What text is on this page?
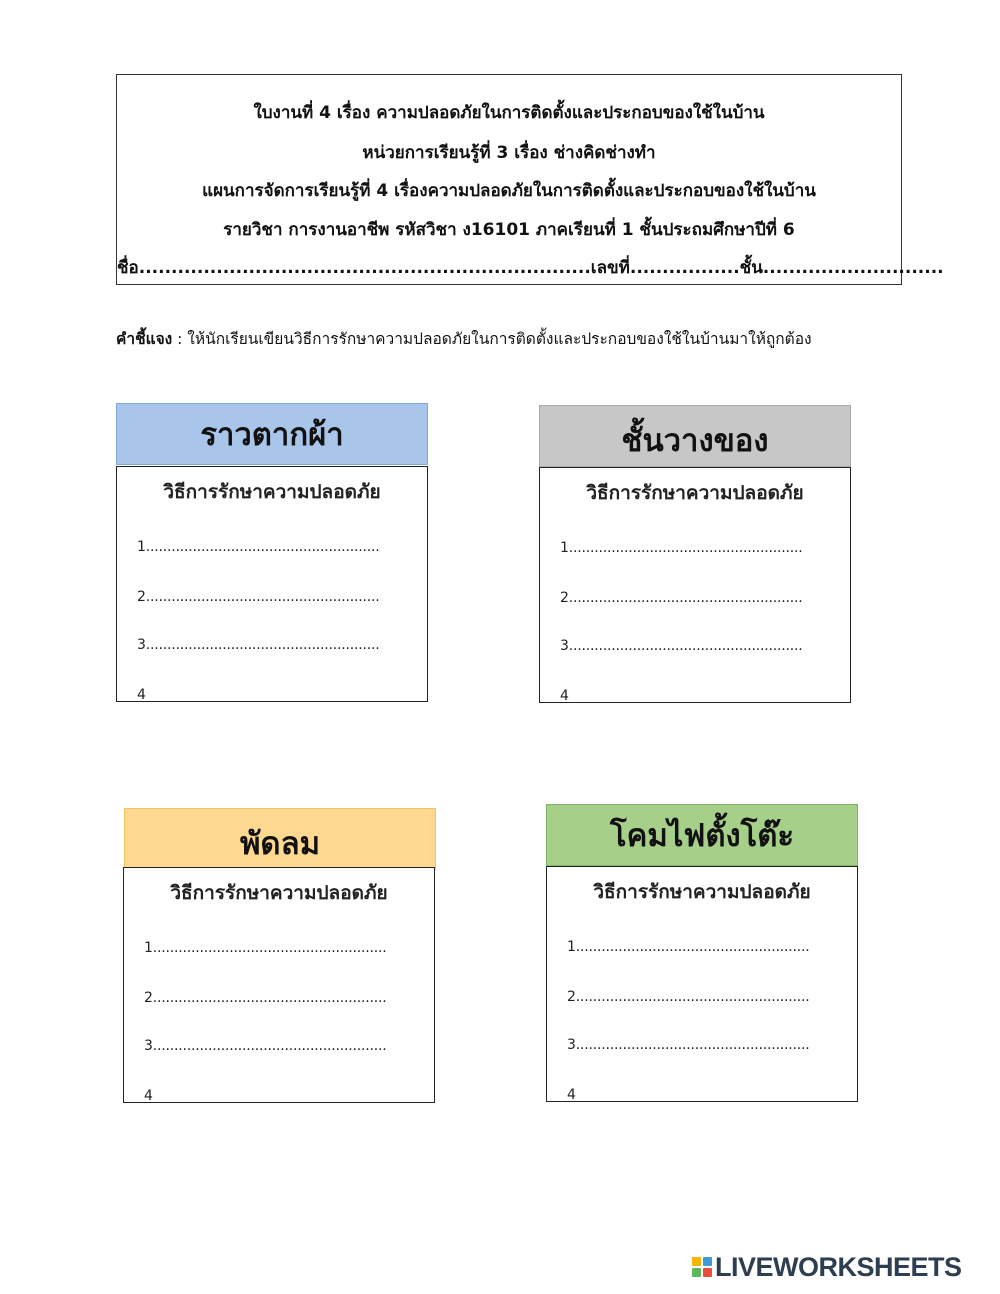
ใบงานที่ 4 เรื่อง ความปลอดภัยในการติดตั้งและประกอบของใช้ในบ้าน
หน่วยการเรียนรู้ที่ 3 เรื่อง ช่างคิดช่างทำ
แผนการจัดการเรียนรู้ที่ 4 เรื่องความปลอดภัยในการติดตั้งและประกอบของใช้ในบ้าน
รายวิชา การงานอาชีพ รหัสวิชา ง16101 ภาคเรียนที่ 1 ชั้นประถมศึกษาปีที่ 6
ชื่อ......................................................................เลขที่.................ชั้น............................
คำชี้แจง : ให้นักเรียนเขียนวิธีการรักษาความปลอดภัยในการติดตั้งและประกอบของใช้ในบ้านมาให้ถูกต้อง
ราวตากผ้า
วิธีการรักษาความปลอดภัย
1.......................................................
2.......................................................
3.......................................................
4
ชั้นวางของ
วิธีการรักษาความปลอดภัย
1.......................................................
2.......................................................
3.......................................................
4
พัดลม
วิธีการรักษาความปลอดภัย
1.......................................................
2.......................................................
3.......................................................
4
โคมไฟตั้งโต๊ะ
วิธีการรักษาความปลอดภัย
1.......................................................
2.......................................................
3.......................................................
4
LIVEWORKSHEETS
